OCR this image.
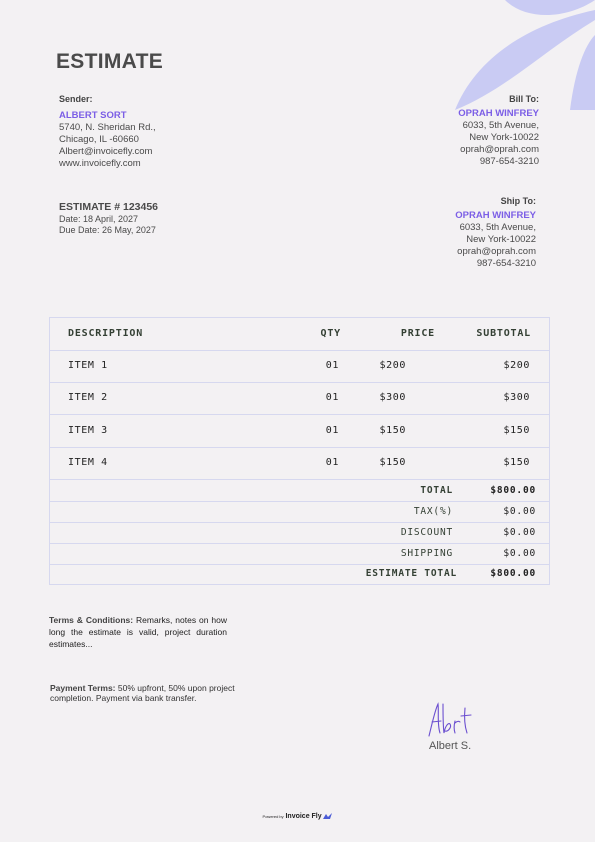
ESTIMATE
Sender:
ALBERT SORT
5740, N. Sheridan Rd.,
Chicago, IL -60660
Albert@invoicefly.com
www.invoicefly.com
Bill To:
OPRAH WINFREY
6033, 5th Avenue,
New York-10022
oprah@oprah.com
987-654-3210
ESTIMATE # 123456
Date: 18 April, 2027
Due Date: 26 May, 2027
Ship To:
OPRAH WINFREY
6033, 5th Avenue,
New York-10022
oprah@oprah.com
987-654-3210
DESCRIPTION	QTY	PRICE	SUBTOTAL
ITEM 1	01	$200	$200
ITEM 2	01	$300	$300
ITEM 3	01	$150	$150
ITEM 4	01	$150	$150
TOTAL	$800.00
TAX(%)	$0.00
DISCOUNT	$0.00
SHIPPING	$0.00
ESTIMATE TOTAL	$800.00
Terms & Conditions: Remarks, notes on how long the estimate is valid, project duration estimates...
Payment Terms: 50% upfront, 50% upon project completion. Payment via bank transfer.
Albert S.
Powered by Invoice Fly
